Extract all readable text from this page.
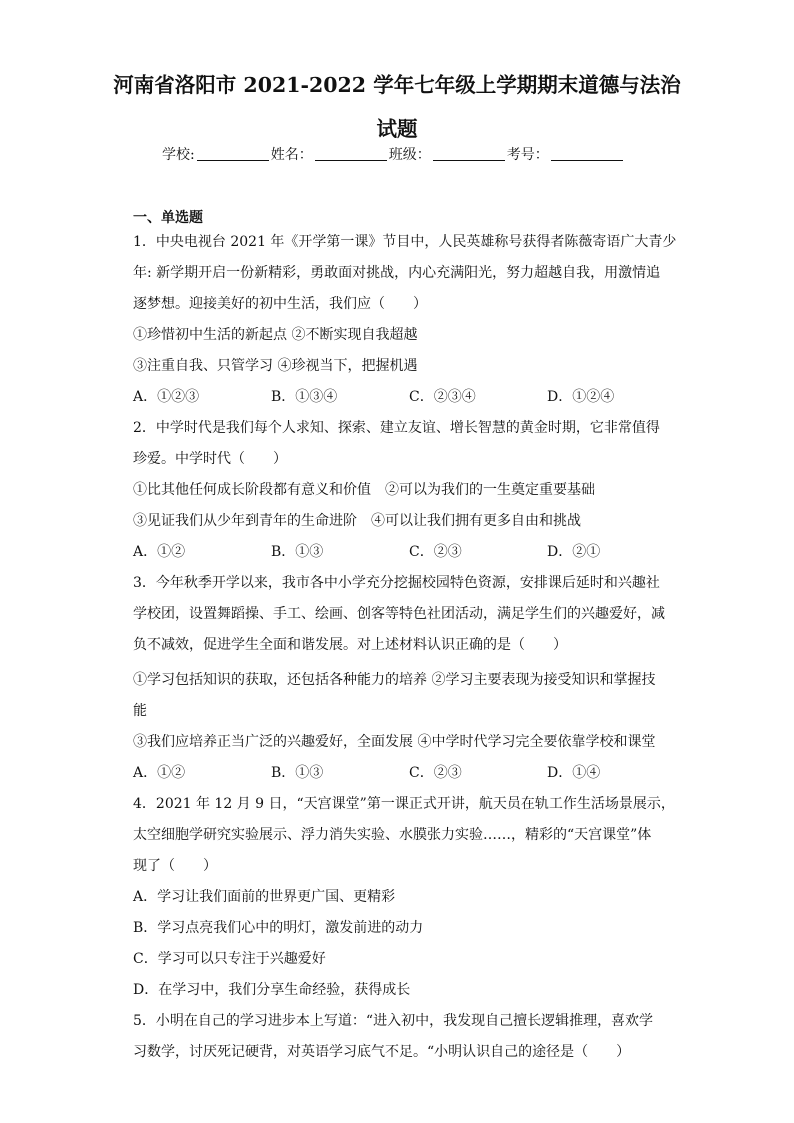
河南省洛阳市 2021-2022 学年七年级上学期期末道德与法治
试题
学校:	姓名：	班级：	考号：
一、单选题
1．中央电视台 2021 年《开学第一课》节目中，人民英雄称号获得者陈薇寄语广大青少
年: 新学期开启一份新精彩，勇敢面对挑战，内心充满阳光，努力超越自我，用激情追
逐梦想。迎接美好的初中生活，我们应（　　）
①珍惜初中生活的新起点 ②不断实现自我超越
③注重自我、只管学习 ④珍视当下，把握机遇
A．①②③	B．①③④	C．②③④	D．①②④
2．中学时代是我们每个人求知、探索、建立友谊、增长智慧的黄金时期，它非常值得
珍爱。中学时代（　　）
①比其他任何成长阶段都有意义和价值　②可以为我们的一生奠定重要基础
③见证我们从少年到青年的生命进阶　④可以让我们拥有更多自由和挑战
A．①②	B．①③	C．②③	D．②①
3．今年秋季开学以来，我市各中小学充分挖掘校园特色资源，安排课后延时和兴趣社
学校团，设置舞蹈操、手工、绘画、创客等特色社团活动，满足学生们的兴趣爱好，减
负不减效，促进学生全面和谐发展。对上述材料认识正确的是（　　）
①学习包括知识的获取，还包括各种能力的培养 ②学习主要表现为接受知识和掌握技
能
③我们应培养正当广泛的兴趣爱好，全面发展 ④中学时代学习完全要依靠学校和课堂
A．①②	B．①③	C．②③	D．①④
4．2021 年 12 月 9 日，“天宫课堂”第一课正式开讲，航天员在轨工作生活场景展示，
太空细胞学研究实验展示、浮力消失实验、水膜张力实验……，精彩的“天宫课堂”体
现了（　　）
A．学习让我们面前的世界更广国、更精彩
B．学习点亮我们心中的明灯，激发前进的动力
C．学习可以只专注于兴趣爱好
D．在学习中，我们分享生命经验，获得成长
5．小明在自己的学习进步本上写道：“进入初中，我发现自己擅长逻辑推理，喜欢学
习数学，讨厌死记硬背，对英语学习底气不足。“小明认识自己的途径是（　　）
